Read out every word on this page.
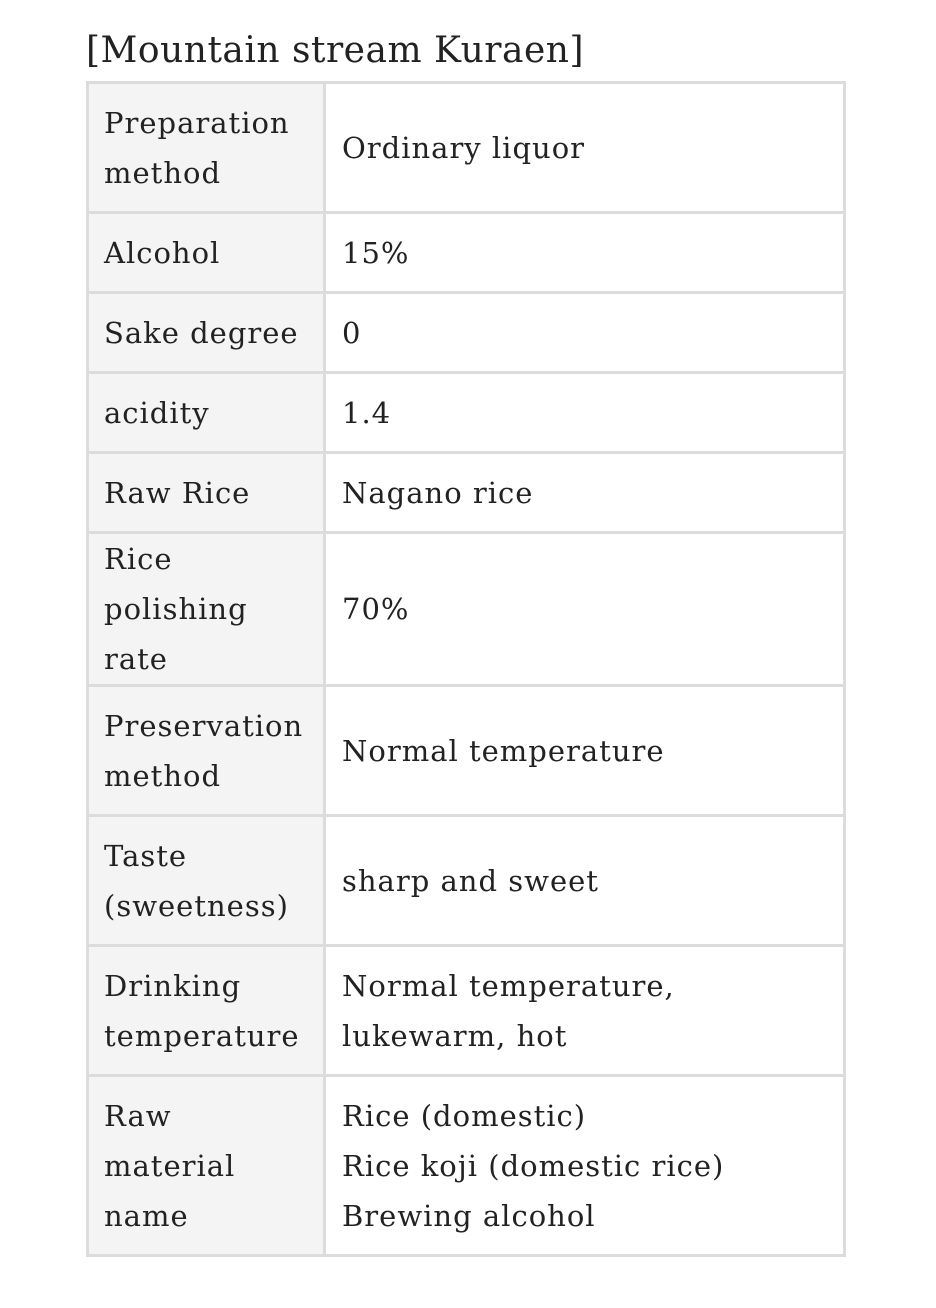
[Mountain stream Kuraen]
Preparation method	Ordinary liquor
Alcohol	15%
Sake degree	0
acidity	1.4
Raw Rice	Nagano rice
Rice polishing rate	70%
Preservation method	Normal temperature
Taste (sweetness)	sharp and sweet
Drinking temperature	Normal temperature, lukewarm, hot
Raw material name	Rice (domestic)
Rice koji (domestic rice)
Brewing alcohol
